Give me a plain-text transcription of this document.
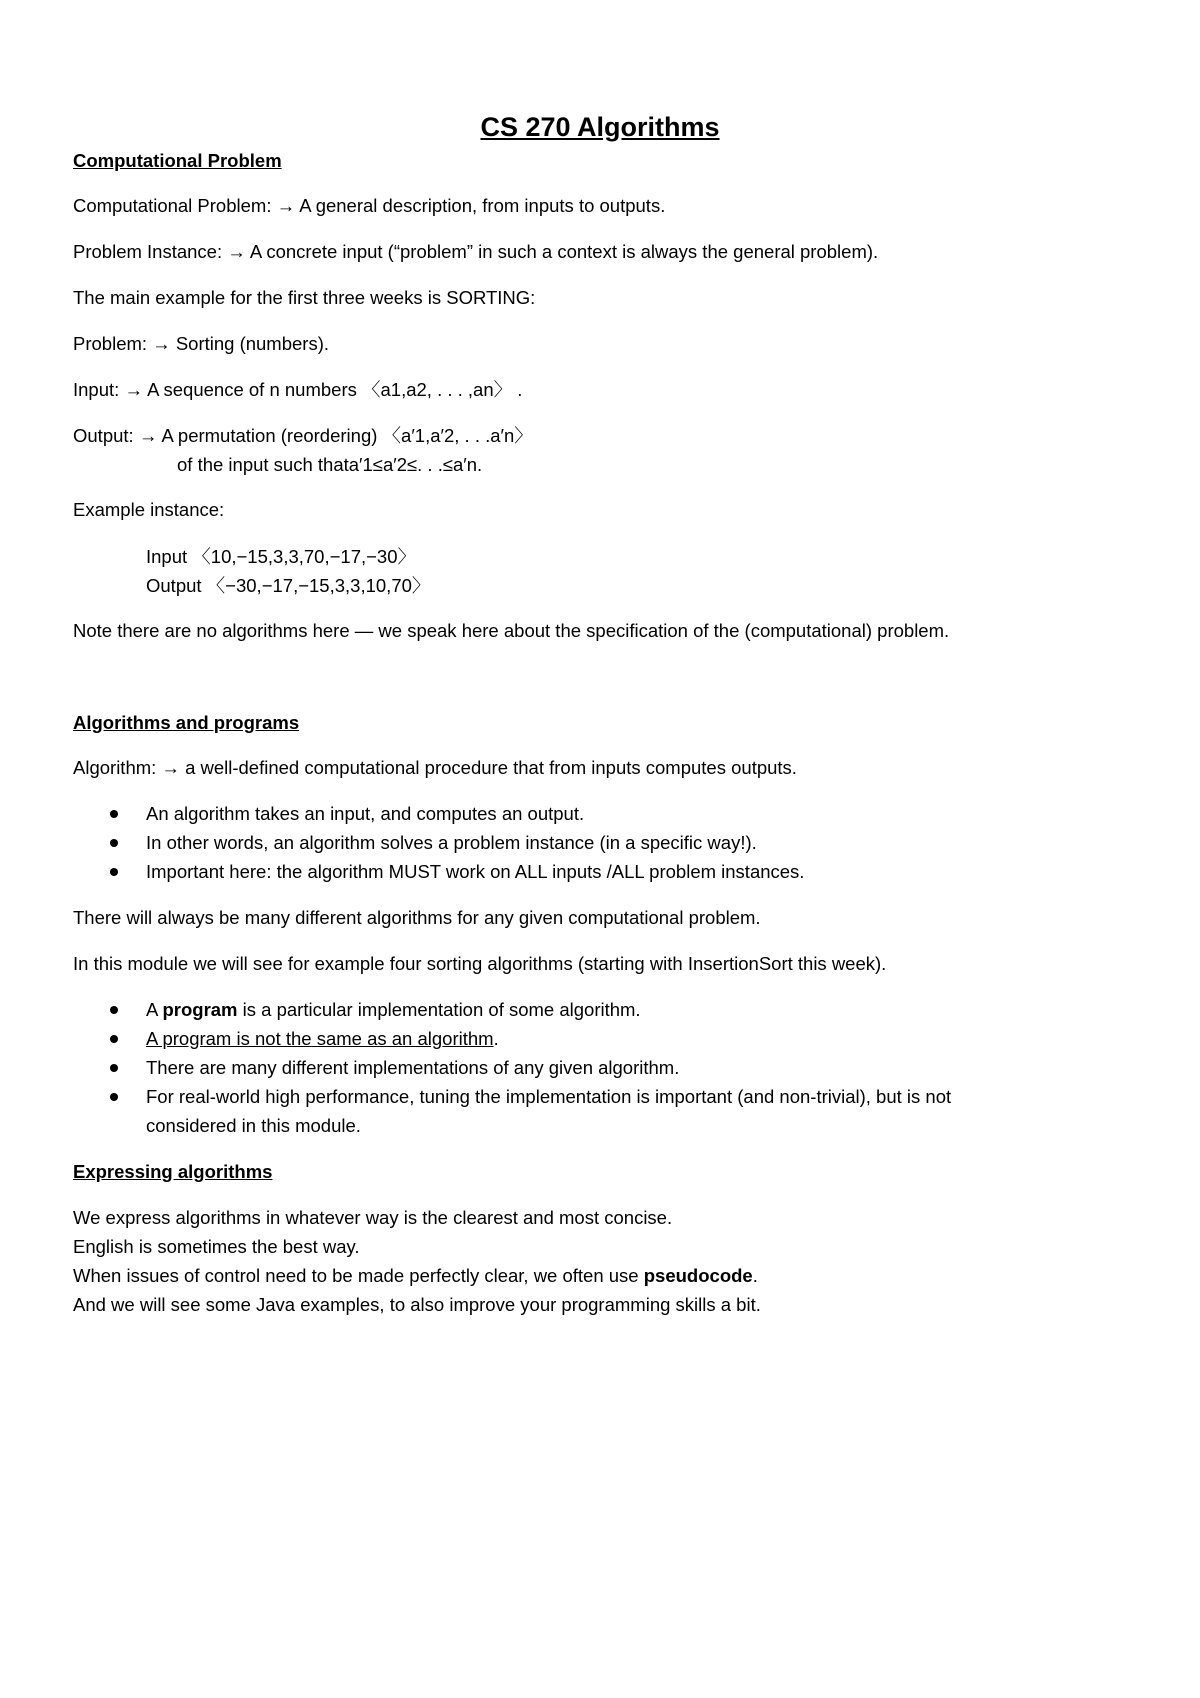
CS 270 Algorithms

Computational Problem

Computational Problem: → A general description, from inputs to outputs.

Problem Instance: → A concrete input (“problem” in such a context is always the general problem).

The main example for the first three weeks is SORTING:

Problem: → Sorting (numbers).

Input: → A sequence of n numbers 〈a1,a2, . . . ,an〉 .

Output: → A permutation (reordering) 〈a′1,a′2, . . .a′n〉

of the input such thata′1≤a′2≤. . .≤a′n.

Example instance:

Input 〈10,−15,3,3,70,−17,−30〉

Output 〈−30,−17,−15,3,3,10,70〉

Note there are no algorithms here — we speak here about the specification of the (computational) problem.

Algorithms and programs

Algorithm: → a well-defined computational procedure that from inputs computes outputs.

An algorithm takes an input, and computes an output.

In other words, an algorithm solves a problem instance (in a specific way!).

Important here: the algorithm MUST work on ALL inputs /ALL problem instances.

There will always be many different algorithms for any given computational problem.

In this module we will see for example four sorting algorithms (starting with InsertionSort this week).

A program is a particular implementation of some algorithm.

A program is not the same as an algorithm.

There are many different implementations of any given algorithm.

For real-world high performance, tuning the implementation is important (and non-trivial), but is not

considered in this module.

Expressing algorithms

We express algorithms in whatever way is the clearest and most concise.

English is sometimes the best way.

When issues of control need to be made perfectly clear, we often use pseudocode.

And we will see some Java examples, to also improve your programming skills a bit.
